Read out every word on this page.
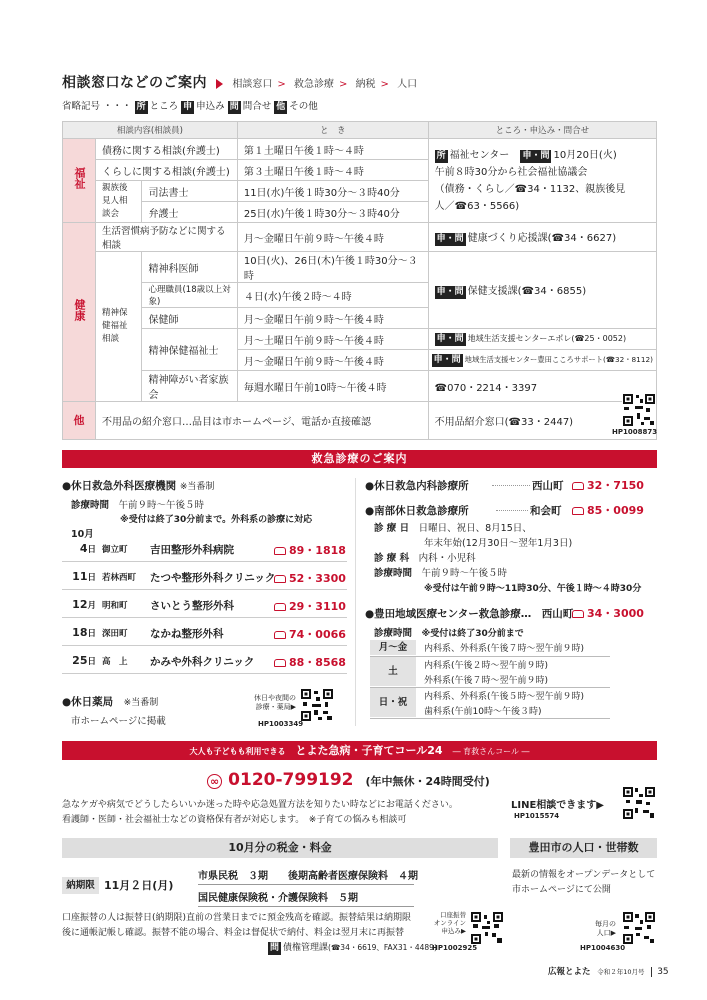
相談窓口などのご案内	相談窓口 > 救急診療 > 納税 > 人口
省略記号 ・・・ 所 ところ 申 申込み 問 問合せ 他 その他
相談内容(相談員)			と　き	ところ・申込み・問合せ
福祉	債務に関する相談(弁護士)		第１土曜日午後１時～４時	所 福祉センター 申・問 10月20日(火)
午前８時30分から社会福祉協議会
（債務・くらし／☎34・1132、親族後見
人／☎63・5566)
	くらしに関する相談(弁護士)		第３土曜日午後１時～４時	
	親族後見人相談会	司法書士	11日(水)午後１時30分～３時40分	
		弁護士	25日(水)午後１時30分～３時40分	
健康	生活習慣病予防などに関する相談		月～金曜日午前９時～午後４時	申・問 健康づくり応援課(☎34・6627)
	精神保健福祉相談	精神科医師	10日(火)、26日(木)午後１時30分～３時	申・問 保健支援課(☎34・6855)
		心理職員(18歳以上対象)	４日(水)午後２時～４時	
		保健師	月～金曜日午前９時～午後４時	
		精神保健福祉士	月～土曜日午前９時～午後４時	申・問 地域生活支援センターエポレ(☎25・0052)
			月～金曜日午前９時～午後４時	申・問 地域生活支援センター豊田こころサポート(☎32・8112)
		精神障がい者家族会	毎週水曜日午前10時～午後４時	☎070・2214・3397
他	不用品の紹介窓口…品目は市ホームページ、電話か直接確認			不用品紹介窓口(☎33・2447)
HP1008873
救急診療のご案内
●休日救急外科医療機関 ※当番制
診療時間　 午前９時～午後５時
※受付は終了30分前まで。外科系の診療に対応
10月
4日 御立町 吉田整形外科病院	89・1818
11日 若林西町 たつや整形外科クリニック	52・3300
12月 明和町 さいとう整形外科	29・3110
18日 深田町 なかね整形外科	74・0066
25日 高　上 かみや外科クリニック	88・8568
●休日薬局　 ※当番制
市ホームページに掲載
休日や夜間の診療・薬局▶
HP1003349
●休日救急内科診療所	西山町	32・7150
●南部休日救急診療所	和会町	85・0099
診 療 日　 日曜日、祝日、8月15日、
年末年始(12月30日～翌年1月3日)
診 療 科　 内科・小児科
診療時間　 午前９時～午後５時
※受付は午前９時～11時30分、午後１時～４時30分
●豊田地域医療センター救急診療…　 西山町	34・3000
診療時間　 ※受付は終了30分前まで
月～金	内科系、外科系(午後７時～翌午前９時)
土	内科系(午後２時～翌午前９時)
外科系(午後７時～翌午前９時)
日・祝	内科系、外科系(午後５時～翌午前９時)
歯科系(午前10時～午後３時)
大人も子どもも利用できる　 とよた急病・子育てコール24　 ― 育救さんコール ―
∞ 0120-799192 (年中無休・24時間受付)
急なケガや病気でどうしたらいいか迷った時や応急処置方法を知りたい時などにお電話ください。
看護師・医師・社会福祉士などの資格保有者が対応します。　※子育ての悩みも相談可
LINE相談できます▶
HP1015574
10月分の税金・料金
納期限 11月２日(月)
市県民税　３期　　 後期高齢者医療保険料　４期
国民健康保険税・介護保険料　５期
口座振替の人は振替日(納期限)直前の営業日までに預金残高を確認。振替結果は納期限
後に通帳記帳し確認。振替不能の場合、料金は督促状で納付、料金は翌月末に再振替
問 債権管理課(☎34・6619、FAX31・4489)
口座振替
オンライン
申込み▶
HP1002925
豊田市の人口・世帯数
最新の情報をオープンデータとして
市ホームページにて公開
毎月の
人口▶
HP1004630
広報とよた 令和２年10月号 35
